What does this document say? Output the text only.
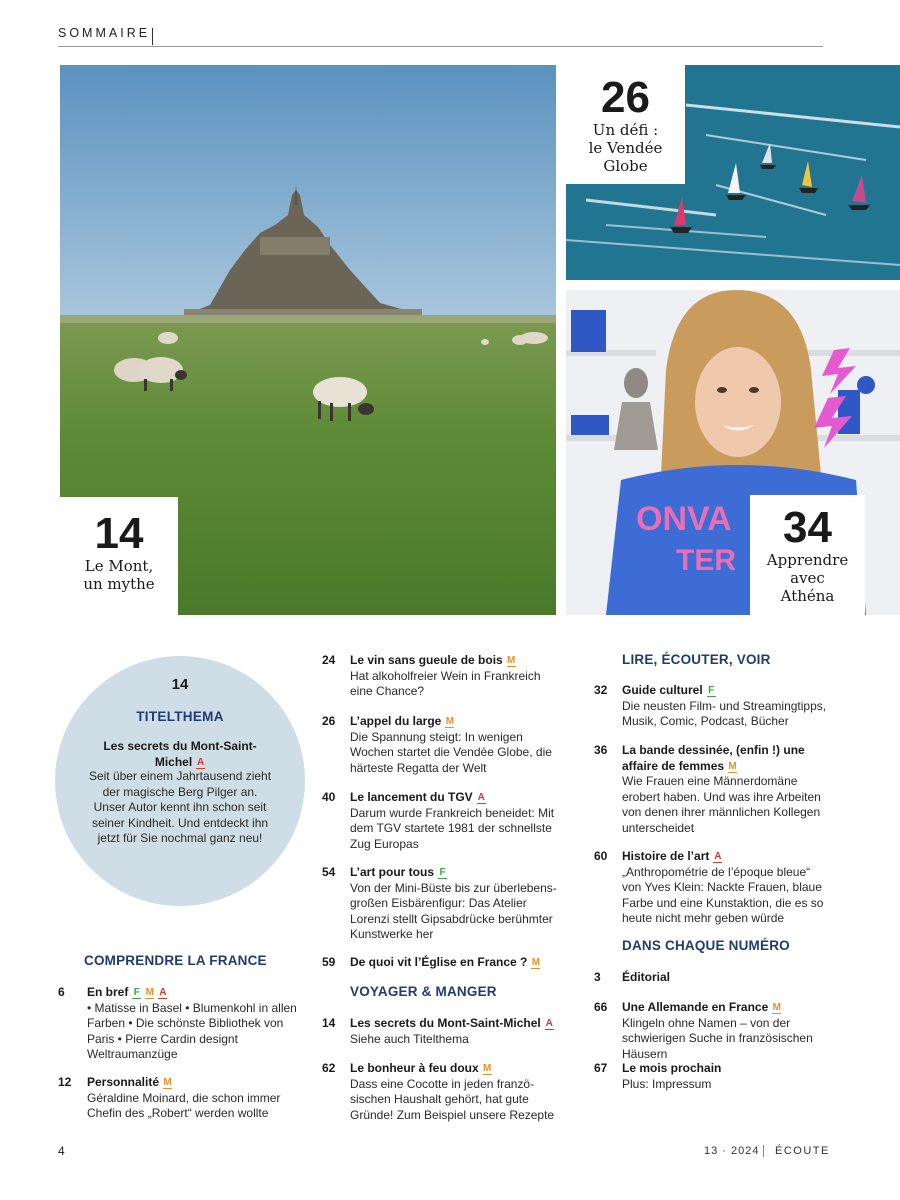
SOMMAIRE
14
Le Mont,
un mythe
26
Un défi :
le Vendée
Globe
ONVA
TER
34
Apprendre
avec
Athéna
14
TITELTHEMA
Les secrets du Mont-Saint-Michel A
Seit über einem Jahrtausend zieht der magische Berg Pilger an. Unser Autor kennt ihn schon seit seiner Kindheit. Und entdeckt ihn jetzt für Sie nochmal ganz neu!
COMPRENDRE LA FRANCE
6 En bref F M A
• Matisse in Basel • Blumenkohl in allen Farben • Die schönste Bibliothek von Paris • Pierre Cardin designt Weltraumanzüge
12 Personnalité M
Géraldine Moinard, die schon immer Chefin des „Robert“ werden wollte
24 Le vin sans gueule de bois M
Hat alkoholfreier Wein in Frankreich eine Chance?
26 L’appel du large M
Die Spannung steigt: In wenigen Wochen startet die Vendée Globe, die härteste Regatta der Welt
40 Le lancement du TGV A
Darum wurde Frankreich beneidet: Mit dem TGV startete 1981 der schnellste Zug Europas
54 L’art pour tous F
Von der Mini-Büste bis zur überlebensgroßen Eisbärenfigur: Das Atelier Lorenzi stellt Gipsabdrücke berühmter Kunstwerke her
59 De quoi vit l’Église en France ? M
VOYAGER & MANGER
14 Les secrets du Mont-Saint-Michel A
Siehe auch Titelthema
62 Le bonheur à feu doux M
Dass eine Cocotte in jeden französischen Haushalt gehört, hat gute Gründe! Zum Beispiel unsere Rezepte
LIRE, ÉCOUTER, VOIR
32 Guide culturel F
Die neusten Film- und Streamingtipps, Musik, Comic, Podcast, Bücher
36 La bande dessinée, (enfin !) une affaire de femmes M
Wie Frauen eine Männerdomäne erobert haben. Und was ihre Arbeiten von denen ihrer männlichen Kollegen unterscheidet
60 Histoire de l’art A
„Anthropométrie de l’époque bleue“ von Yves Klein: Nackte Frauen, blaue Farbe und eine Kunstaktion, die es so heute nicht mehr geben würde
DANS CHAQUE NUMÉRO
3 Éditorial
66 Une Allemande en France M
Klingeln ohne Namen – von der schwierigen Suche in französischen Häusern
67 Le mois prochain
Plus: Impressum
4	13 · 2024 ÉCOUTE
